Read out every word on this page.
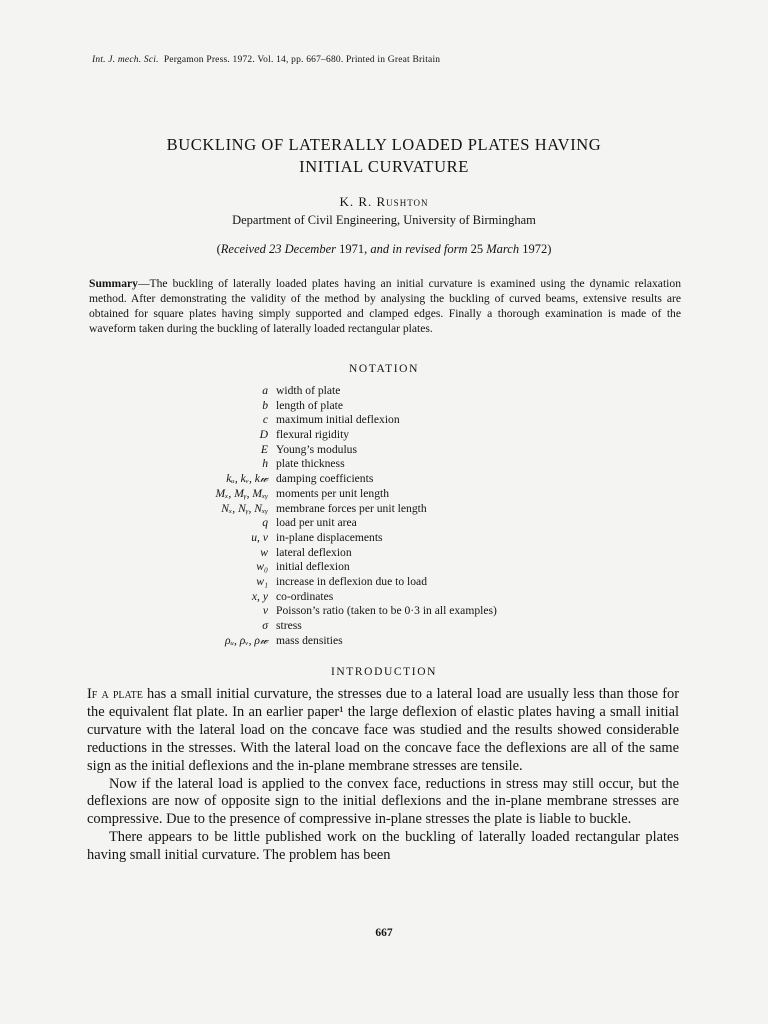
Int. J. mech. Sci. Pergamon Press. 1972. Vol. 14, pp. 667–680. Printed in Great Britain
BUCKLING OF LATERALLY LOADED PLATES HAVING
INITIAL CURVATURE
K. R. Rushton
Department of Civil Engineering, University of Birmingham
(Received 23 December 1971, and in revised form 25 March 1972)
Summary—The buckling of laterally loaded plates having an initial curvature is examined using the dynamic relaxation method. After demonstrating the validity of the method by analysing the buckling of curved beams, extensive results are obtained for square plates having simply supported and clamped edges. Finally a thorough examination is made of the waveform taken during the buckling of laterally loaded rectangular plates.
NOTATION
a width of plate
b length of plate
c maximum initial deflexion
D flexural rigidity
E Young’s modulus
h plate thickness
kᵤ, kᵥ, k𝓌 damping coefficients
Mₓ, Mᵧ, Mₓᵧ moments per unit length
Nₓ, Nᵧ, Nₓᵧ membrane forces per unit length
q load per unit area
u, v in-plane displacements
w lateral deflexion
w₀ initial deflexion
w₁ increase in deflexion due to load
x, y co-ordinates
ν Poisson’s ratio (taken to be 0·3 in all examples)
σ stress
ρᵤ, ρᵥ, ρ𝓌 mass densities
INTRODUCTION

If a plate has a small initial curvature, the stresses due to a lateral load are usually less than those for the equivalent flat plate. In an earlier paper¹ the large deflexion of elastic plates having a small initial curvature with the lateral load on the concave face was studied and the results showed considerable reductions in the stresses. With the lateral load on the concave face the deflexions are all of the same sign as the initial deflexions and the in-plane membrane stresses are tensile.

Now if the lateral load is applied to the convex face, reductions in stress may still occur, but the deflexions are now of opposite sign to the initial deflexions and the in-plane membrane stresses are compressive. Due to the presence of compressive in-plane stresses the plate is liable to buckle.

There appears to be little published work on the buckling of laterally loaded rectangular plates having small initial curvature. The problem has been

667
